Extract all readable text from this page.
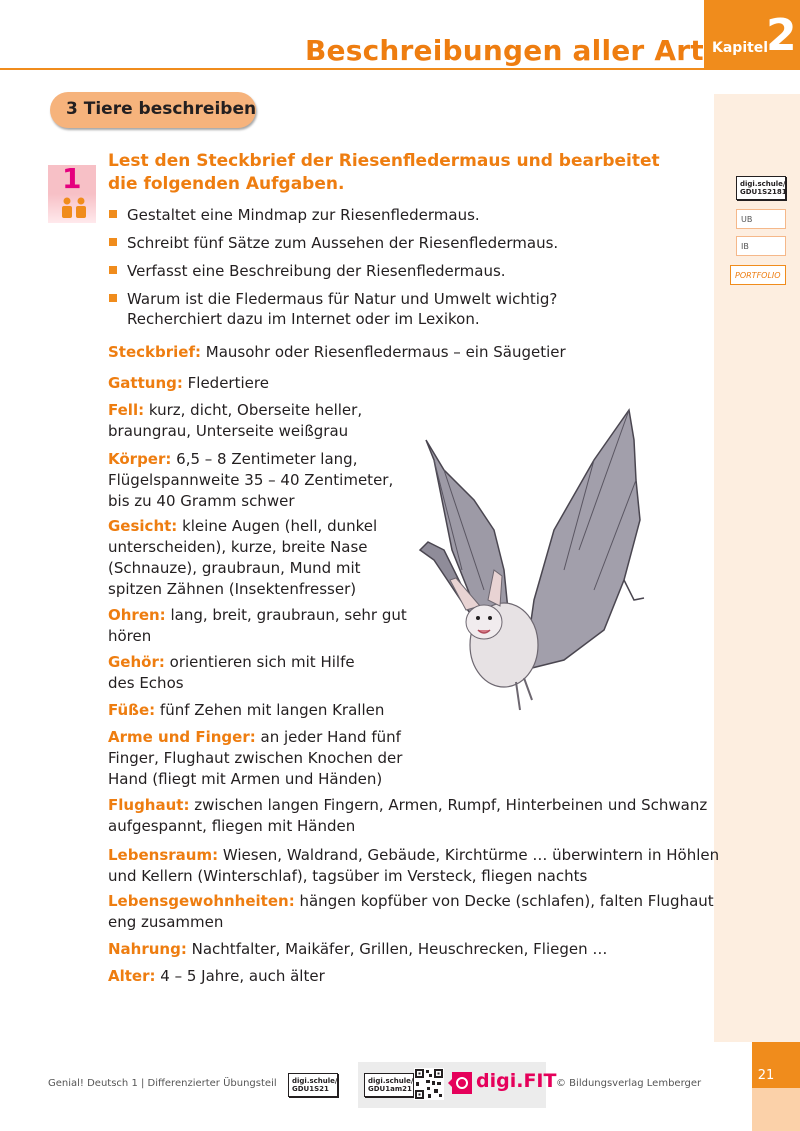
21
Beschreibungen aller Art Kapitel
2
3 Tiere beschreiben
1
Lest den Steckbrief der Riesenfledermaus und bearbeitet
die folgenden Aufgaben.
Gestaltet eine Mindmap zur Riesenfledermaus.
Schreibt fünf Sätze zum Aussehen der Riesenfledermaus.
Verfasst eine Beschreibung der Riesenfledermaus.
Warum ist die Fledermaus für Natur und Umwelt wichtig?
Recherchiert dazu im Internet oder im Lexikon.
Steckbrief: Mausohr oder Riesenfledermaus – ein Säugetier
Gattung: Fledertiere
Fell: kurz, dicht, Oberseite heller,
braungrau, Unterseite weißgrau
Körper: 6,5 – 8 Zentimeter lang,
Flügelspannweite 35 – 40 Zentimeter,
bis zu 40 Gramm schwer
Gesicht: kleine Augen (hell, dunkel
unterscheiden), kurze, breite Nase
(Schnauze), graubraun, Mund mit
spitzen Zähnen (Insektenfresser)
Ohren: lang, breit, graubraun, sehr gut
hören
Gehör: orientieren sich mit Hilfe
des Echos
Füße: fünf Zehen mit langen Krallen
Arme und Finger: an jeder Hand fünf
Finger, Flughaut zwischen Knochen der
Hand (fliegt mit Armen und Händen)
Flughaut: zwischen langen Fingern, Armen, Rumpf, Hinterbeinen und Schwanz
aufgespannt, fliegen mit Händen
Lebensraum: Wiesen, Waldrand, Gebäude, Kirchtürme … überwintern in Höhlen
und Kellern (Winterschlaf), tagsüber im Versteck, fliegen nachts
Lebensgewohnheiten: hängen kopfüber von Decke (schlafen), falten Flughaut
eng zusammen
Nahrung: Nachtfalter, Maikäfer, Grillen, Heuschrecken, Fliegen …
Alter: 4 – 5 Jahre, auch älter
digi.schule/
GDU1S2181
UB
IB
PORTFOLIO
Genial! Deutsch 1 | Differenzierter Übungsteil digi.schule/
GDU1S21
digi.schule/
GDU1am21	digi.FIT © Bildungsverlag Lemberger
